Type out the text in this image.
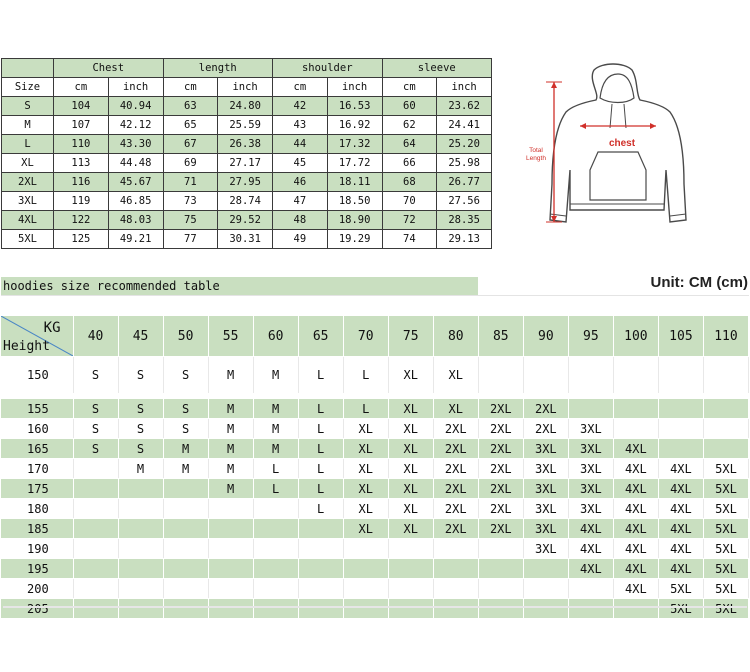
	Chest		length		shoulder		sleeve	
Size	cm	inch	cm	inch	cm	inch	cm	inch
S	104	40.94	63	24.80	42	16.53	60	23.62
M	107	42.12	65	25.59	43	16.92	62	24.41
L	110	43.30	67	26.38	44	17.32	64	25.20
XL	113	44.48	69	27.17	45	17.72	66	25.98
2XL	116	45.67	71	27.95	46	18.11	68	26.77
3XL	119	46.85	73	28.74	47	18.50	70	27.56
4XL	122	48.03	75	29.52	48	18.90	72	28.35
5XL	125	49.21	77	30.31	49	19.29	74	29.13
chest
Total
Length
hoodies size recommended table	Unit: CM (cm)
KG
Height	40	45	50	55	60	65	70	75	80	85	90	95	100	105	110
150	S	S	S	M	M	L	L	XL	XL						

155	S	S	S	M	M	L	L	XL	XL	2XL	2XL				
160	S	S	S	M	M	L	XL	XL	2XL	2XL	2XL	3XL			
165	S	S	M	M	M	L	XL	XL	2XL	2XL	3XL	3XL	4XL		
170		M	M	M	L	L	XL	XL	2XL	2XL	3XL	3XL	4XL	4XL	5XL
175				M	L	L	XL	XL	2XL	2XL	3XL	3XL	4XL	4XL	5XL
180						L	XL	XL	2XL	2XL	3XL	3XL	4XL	4XL	5XL
185							XL	XL	2XL	2XL	3XL	4XL	4XL	4XL	5XL
190											3XL	4XL	4XL	4XL	5XL
195												4XL	4XL	4XL	5XL
200													4XL	5XL	5XL
205														5XL	5XL
